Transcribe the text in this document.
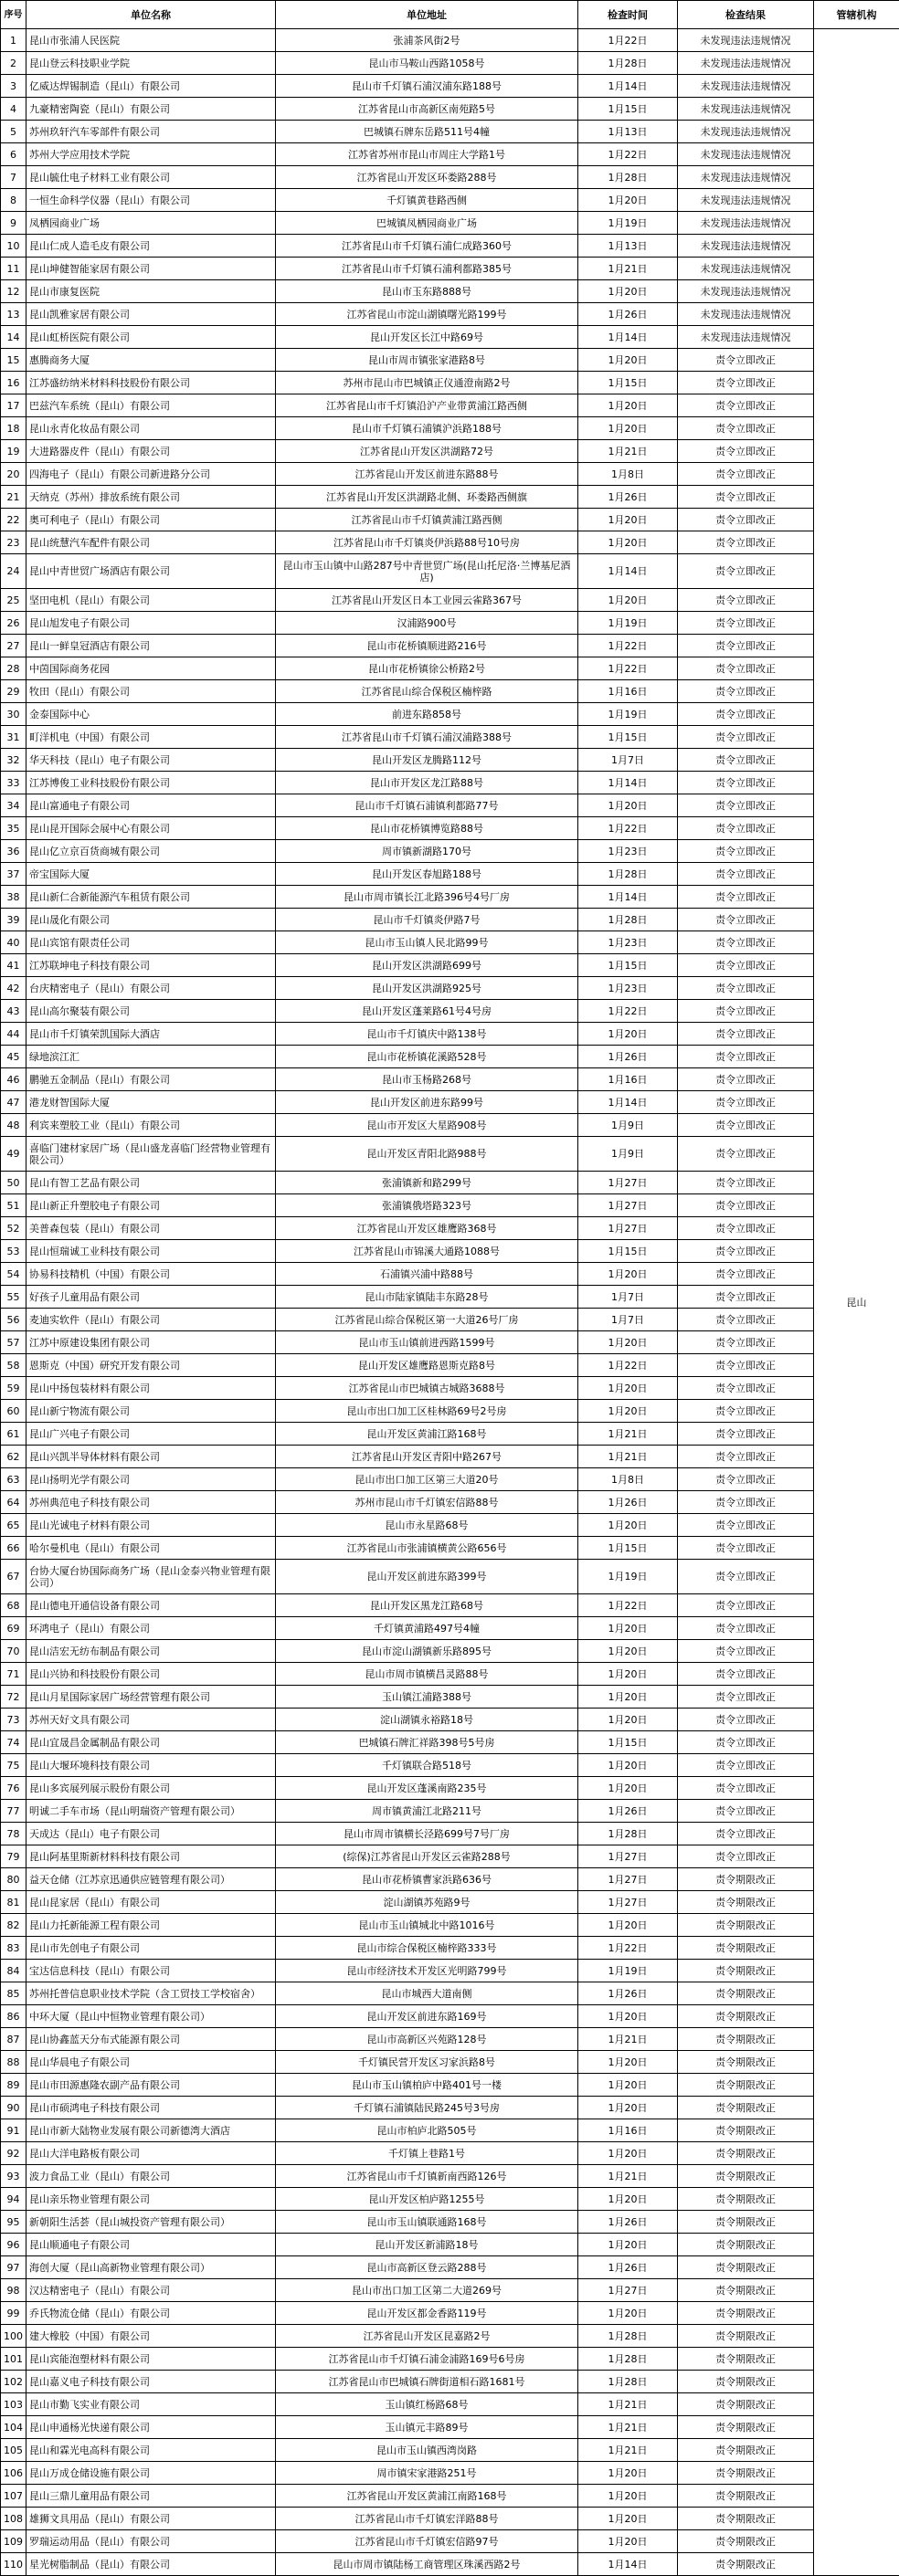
序号	单位名称	单位地址	检查时间	检查结果	管辖机构
1	昆山市张浦人民医院	张浦茶风街2号	1月22日	未发现违法违规情况	昆山
2	昆山登云科技职业学院	昆山市马鞍山西路1058号	1月28日	未发现违法违规情况	
3	亿威达焊锡制造（昆山）有限公司	昆山市千灯镇石浦汉浦东路188号	1月14日	未发现违法违规情况	
4	九豪精密陶瓷（昆山）有限公司	江苏省昆山市高新区南苑路5号	1月15日	未发现违法违规情况	
5	苏州玖轩汽车零部件有限公司	巴城镇石牌东岳路511号4幢	1月13日	未发现违法违规情况	
6	苏州大学应用技术学院	江苏省苏州市昆山市周庄大学路1号	1月22日	未发现违法违规情况	
7	昆山毓仕电子材料工业有限公司	江苏省昆山开发区环娄路288号	1月28日	未发现违法违规情况	
8	一恒生命科学仪器（昆山）有限公司	千灯镇黄巷路西侧	1月20日	未发现违法违规情况	
9	凤栖园商业广场	巴城镇凤栖园商业广场	1月19日	未发现违法违规情况	
10	昆山仁成人造毛皮有限公司	江苏省昆山市千灯镇石浦仁成路360号	1月13日	未发现违法违规情况	
11	昆山坤健智能家居有限公司	江苏省昆山市千灯镇石浦利都路385号	1月21日	未发现违法违规情况	
12	昆山市康复医院	昆山市玉东路888号	1月20日	未发现违法违规情况	
13	昆山凯雅家居有限公司	江苏省昆山市淀山湖镇曙光路199号	1月26日	未发现违法违规情况	
14	昆山虹桥医院有限公司	昆山开发区长江中路69号	1月14日	未发现违法违规情况	
15	惠腾商务大厦	昆山市周市镇张家港路8号	1月20日	责令立即改正	
16	江苏盛纺纳米材料科技股份有限公司	苏州市昆山市巴城镇正仪通澄南路2号	1月15日	责令立即改正	
17	巴兹汽车系统（昆山）有限公司	江苏省昆山市千灯镇沿沪产业带黄浦江路西侧	1月20日	责令立即改正	
18	昆山永青化妆品有限公司	昆山市千灯镇石浦镇沪浜路188号	1月20日	责令立即改正	
19	大进路器皮件（昆山）有限公司	江苏省昆山开发区洪湖路72号	1月21日	责令立即改正	
20	四海电子（昆山）有限公司新进路分公司	江苏省昆山开发区前进东路88号	1月8日	责令立即改正	
21	天纳克（苏州）排放系统有限公司	江苏省昆山开发区洪湖路北侧、环娄路西侧旗	1月26日	责令立即改正	
22	奥可利电子（昆山）有限公司	江苏省昆山市千灯镇黄浦江路西侧	1月20日	责令立即改正	
23	昆山统慧汽车配件有限公司	江苏省昆山市千灯镇炎伊浜路88号10号房	1月20日	责令立即改正	
24	昆山中青世贸广场酒店有限公司	昆山市玉山镇中山路287号中青世贸广场(昆山托尼洛·兰博基尼酒店)	1月14日	责令立即改正	
25	坚田电机（昆山）有限公司	江苏省昆山开发区日本工业园云雀路367号	1月20日	责令立即改正	
26	昆山旭发电子有限公司	汉浦路900号	1月19日	责令立即改正	
27	昆山一鲜皇冠酒店有限公司	昆山市花桥镇顺进路216号	1月22日	责令立即改正	
28	中茵国际商务花园	昆山市花桥镇徐公桥路2号	1月22日	责令立即改正	
29	牧田（昆山）有限公司	江苏省昆山综合保税区楠梓路	1月16日	责令立即改正	
30	金泰国际中心	前进东路858号	1月19日	责令立即改正	
31	町洋机电（中国）有限公司	江苏省昆山市千灯镇石浦汉浦路388号	1月15日	责令立即改正	
32	华天科技（昆山）电子有限公司	昆山开发区龙腾路112号	1月7日	责令立即改正	
33	江苏博俊工业科技股份有限公司	昆山市开发区龙江路88号	1月14日	责令立即改正	
34	昆山富通电子有限公司	昆山市千灯镇石浦镇利都路77号	1月20日	责令立即改正	
35	昆山昆开国际会展中心有限公司	昆山市花桥镇博览路88号	1月22日	责令立即改正	
36	昆山亿立京百货商城有限公司	周市镇新湖路170号	1月23日	责令立即改正	
37	帝宝国际大厦	昆山开发区春旭路188号	1月28日	责令立即改正	
38	昆山新仁合新能源汽车租赁有限公司	昆山市周市镇长江北路396号4号厂房	1月14日	责令立即改正	
39	昆山晟化有限公司	昆山市千灯镇炎伊路7号	1月28日	责令立即改正	
40	昆山宾馆有限责任公司	昆山市玉山镇人民北路99号	1月23日	责令立即改正	
41	江苏联坤电子科技有限公司	昆山开发区洪湖路699号	1月15日	责令立即改正	
42	台庆精密电子（昆山）有限公司	昆山开发区洪湖路925号	1月23日	责令立即改正	
43	昆山高尔聚装有限公司	昆山开发区蓬莱路61号4号房	1月22日	责令立即改正	
44	昆山市千灯镇荣凯国际大酒店	昆山市千灯镇庆中路138号	1月20日	责令立即改正	
45	绿地滨江汇	昆山市花桥镇花溪路528号	1月26日	责令立即改正	
46	鹏驰五金制品（昆山）有限公司	昆山市玉杨路268号	1月16日	责令立即改正	
47	港龙财智国际大厦	昆山开发区前进东路99号	1月14日	责令立即改正	
48	利宾来塑胶工业（昆山）有限公司	昆山市开发区大星路908号	1月9日	责令立即改正	
49	喜临门建材家居广场（昆山盛龙喜临门经营物业管理有限公司）	昆山开发区青阳北路988号	1月9日	责令立即改正	
50	昆山有智工艺品有限公司	张浦镇新和路299号	1月27日	责令立即改正	
51	昆山新正升塑胶电子有限公司	张浦镇俄塔路323号	1月27日	责令立即改正	
52	美普森包装（昆山）有限公司	江苏省昆山开发区雄鹰路368号	1月27日	责令立即改正	
53	昆山恒瑞诚工业科技有限公司	江苏省昆山市锦溪大通路1088号	1月15日	责令立即改正	
54	协易科技精机（中国）有限公司	石浦镇兴浦中路88号	1月20日	责令立即改正	
55	好孩子儿童用品有限公司	昆山市陆家镇陆丰东路28号	1月7日	责令立即改正	
56	麦迪实软件（昆山）有限公司	江苏省昆山综合保税区第一大道26号厂房	1月7日	责令立即改正	
57	江苏中原建设集团有限公司	昆山市玉山镇前进西路1599号	1月20日	责令立即改正	
58	恩斯克（中国）研究开发有限公司	昆山开发区雄鹰路恩斯克路8号	1月22日	责令立即改正	
59	昆山中扬包装材料有限公司	江苏省昆山市巴城镇古城路3688号	1月20日	责令立即改正	
60	昆山新宁物流有限公司	昆山市出口加工区桂林路69号2号房	1月20日	责令立即改正	
61	昆山广兴电子有限公司	昆山开发区黄浦江路168号	1月21日	责令立即改正	
62	昆山兴凯半导体材料有限公司	江苏省昆山开发区青阳中路267号	1月21日	责令立即改正	
63	昆山扬明光学有限公司	昆山市出口加工区第三大道20号	1月8日	责令立即改正	
64	苏州典范电子科技有限公司	苏州市昆山市千灯镇宏信路88号	1月26日	责令立即改正	
65	昆山光诚电子材料有限公司	昆山市永星路68号	1月20日	责令立即改正	
66	哈尔曼机电（昆山）有限公司	江苏省昆山市张浦镇横黄公路656号	1月15日	责令立即改正	
67	台协大厦台协国际商务广场（昆山金泰兴物业管理有限公司）	昆山开发区前进东路399号	1月19日	责令立即改正	
68	昆山德电开通信设备有限公司	昆山开发区黑龙江路68号	1月22日	责令立即改正	
69	环鸿电子（昆山）有限公司	千灯镇黄浦路497号4幢	1月20日	责令立即改正	
70	昆山洁宏无纺布制品有限公司	昆山市淀山湖镇新乐路895号	1月20日	责令立即改正	
71	昆山兴协和科技股份有限公司	昆山市周市镇横昌灵路88号	1月20日	责令立即改正	
72	昆山月星国际家居广场经营管理有限公司	玉山镇江浦路388号	1月20日	责令立即改正	
73	苏州天好文具有限公司	淀山湖镇永裕路18号	1月20日	责令立即改正	
74	昆山宜晟昌金属制品有限公司	巴城镇石牌汇祥路398号5号房	1月15日	责令立即改正	
75	昆山大堰环境科技有限公司	千灯镇联合路518号	1月20日	责令立即改正	
76	昆山多宾展列展示股份有限公司	昆山开发区蓬溪南路235号	1月20日	责令立即改正	
77	明诚二手车市场（昆山明瑞资产管理有限公司）	周市镇黄浦江北路211号	1月26日	责令立即改正	
78	天成达（昆山）电子有限公司	昆山市周市镇横长泾路699号7号厂房	1月28日	责令立即改正	
79	昆山阿基里斯新材料科技有限公司	(综保)江苏省昆山开发区云雀路288号	1月27日	责令立即改正	
80	益天仓储（江苏京迅通供应链管理有限公司）	昆山市花桥镇曹家浜路636号	1月27日	责令期限改正	
81	昆山昆家居（昆山）有限公司	淀山湖镇苏苑路9号	1月27日	责令期限改正	
82	昆山力托新能源工程有限公司	昆山市玉山镇城北中路1016号	1月20日	责令期限改正	
83	昆山市先创电子有限公司	昆山市综合保税区楠梓路333号	1月22日	责令期限改正	
84	宝达信息科技（昆山）有限公司	昆山市经济技术开发区光明路799号	1月19日	责令期限改正	
85	苏州托普信息职业技术学院（含工贸技工学校宿舍）	昆山市城西大道南侧	1月26日	责令期限改正	
86	中环大厦（昆山中恒物业管理有限公司）	昆山开发区前进东路169号	1月20日	责令期限改正	
87	昆山协鑫蓝天分布式能源有限公司	昆山市高新区兴苑路128号	1月21日	责令期限改正	
88	昆山华晨电子有限公司	千灯镇民营开发区习家浜路8号	1月20日	责令期限改正	
89	昆山市田源惠隆农副产品有限公司	昆山市玉山镇柏庐中路401号一楼	1月20日	责令期限改正	
90	昆山市硕鸿电子科技有限公司	千灯镇石浦镇陆民路245号3号房	1月20日	责令期限改正	
91	昆山市新大陆物业发展有限公司新德湾大酒店	昆山市柏庐北路505号	1月16日	责令期限改正	
92	昆山大洋电路板有限公司	千灯镇上巷路1号	1月20日	责令期限改正	
93	波力食品工业（昆山）有限公司	江苏省昆山市千灯镇新南西路126号	1月21日	责令期限改正	
94	昆山亲乐物业管理有限公司	昆山开发区柏庐路1255号	1月20日	责令期限改正	
95	新朝阳生活荟（昆山城投资产管理有限公司）	昆山市玉山镇联通路168号	1月26日	责令期限改正	
96	昆山顺通电子有限公司	昆山开发区新浦路18号	1月20日	责令期限改正	
97	海创大厦（昆山高新物业管理有限公司）	昆山市高新区登云路288号	1月26日	责令期限改正	
98	汉达精密电子（昆山）有限公司	昆山市出口加工区第二大道269号	1月27日	责令期限改正	
99	乔氏物流仓储（昆山）有限公司	昆山开发区都金香路119号	1月20日	责令期限改正	
100	建大橡胶（中国）有限公司	江苏省昆山开发区昆嘉路2号	1月28日	责令期限改正	
101	昆山宾能泡塑材料有限公司	江苏省昆山市千灯镇石浦金浦路169号6号房	1月28日	责令期限改正	
102	昆山嘉义电子科技有限公司	江苏省昆山市巴城镇石牌街道相石路1681号	1月28日	责令期限改正	
103	昆山市勤飞实业有限公司	玉山镇红杨路68号	1月21日	责令期限改正	
104	昆山申通杨光快递有限公司	玉山镇元丰路89号	1月21日	责令期限改正	
105	昆山和霖光电高科有限公司	昆山市玉山镇西湾岗路	1月21日	责令期限改正	
106	昆山万成仓储设施有限公司	周市镇宋家港路251号	1月20日	责令期限改正	
107	昆山三鼎儿童用品有限公司	江苏省昆山开发区黄浦江南路168号	1月20日	责令期限改正	
108	雄狮文具用品（昆山）有限公司	江苏省昆山市千灯镇宏洋路88号	1月20日	责令期限改正	
109	罗瑞运动用品（昆山）有限公司	江苏省昆山市千灯镇宏信路97号	1月20日	责令期限改正	
110	星光树脂制品（昆山）有限公司	昆山市周市镇陆杨工商管理区珠溪西路2号	1月14日	责令期限改正	
